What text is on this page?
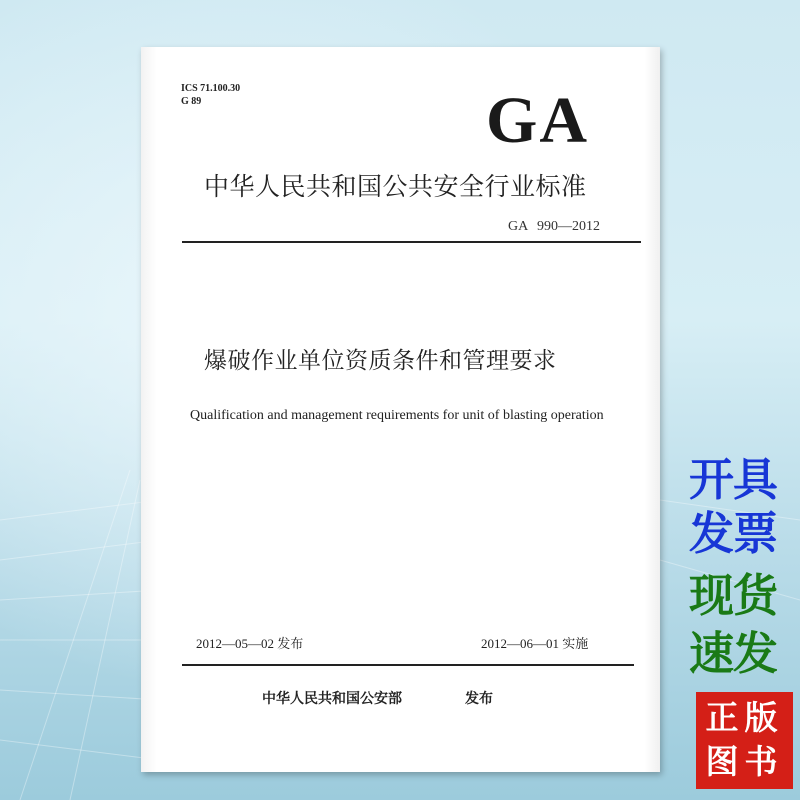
ICS 71.100.30
G 89	GA
中华人民共和国公共安全行业标准
GA 990—2012
爆破作业单位资质条件和管理要求
Qualification and management requirements for unit of blasting operation
2012—05—02 发布	2012—06—01 实施
中华人民共和国公安部	发布
开具
发票
现货
速发
正版
图书
